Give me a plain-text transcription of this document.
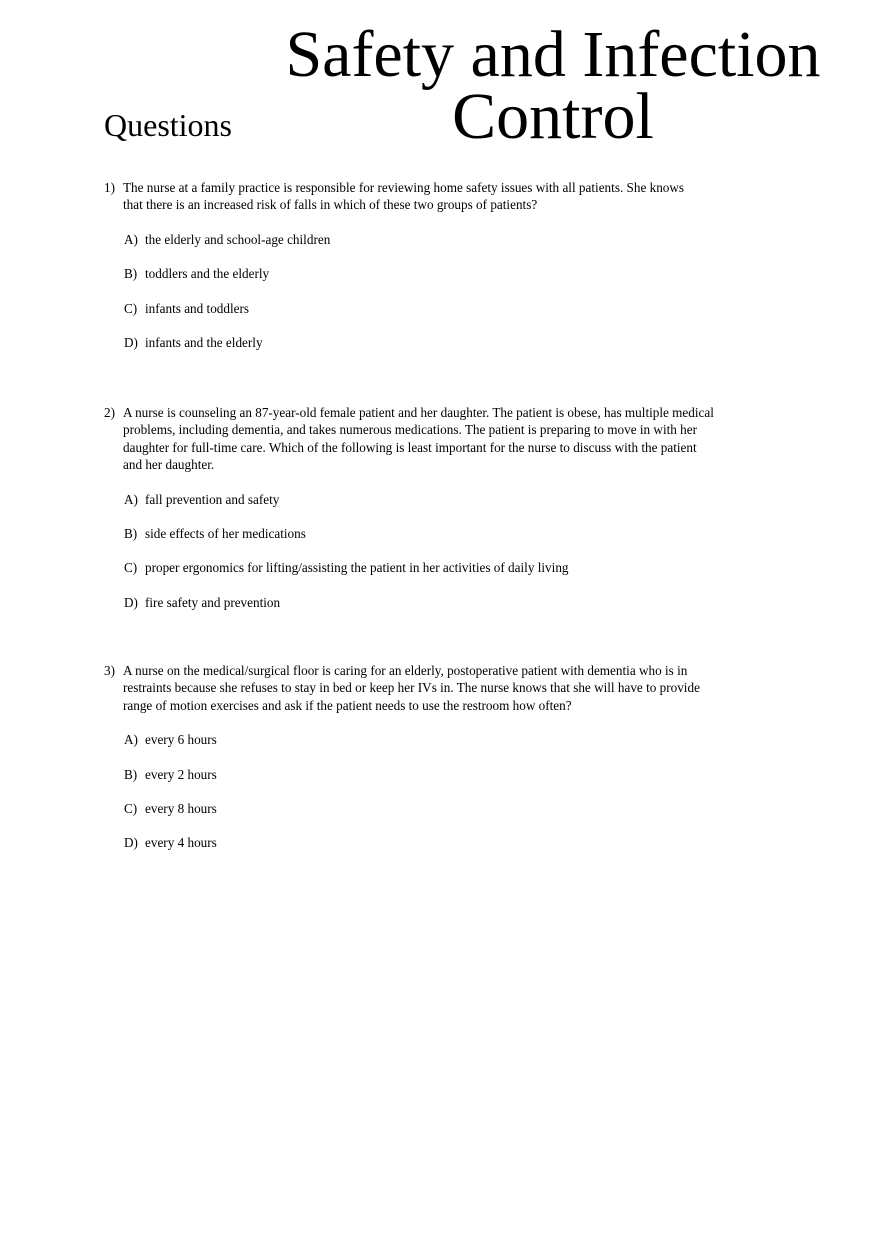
Safety and Infection Control
Questions
1) The nurse at a family practice is responsible for reviewing home safety issues with all patients. She knows that there is an increased risk of falls in which of these two groups of patients?
A) the elderly and school-age children
B) toddlers and the elderly
C) infants and toddlers
D) infants and the elderly
2) A nurse is counseling an 87-year-old female patient and her daughter. The patient is obese, has multiple medical problems, including dementia, and takes numerous medications. The patient is preparing to move in with her daughter for full-time care. Which of the following is least important for the nurse to discuss with the patient and her daughter.
A) fall prevention and safety
B) side effects of her medications
C) proper ergonomics for lifting/assisting the patient in her activities of daily living
D) fire safety and prevention
3) A nurse on the medical/surgical floor is caring for an elderly, postoperative patient with dementia who is in restraints because she refuses to stay in bed or keep her IVs in. The nurse knows that she will have to provide range of motion exercises and ask if the patient needs to use the restroom how often?
A) every 6 hours
B) every 2 hours
C) every 8 hours
D) every 4 hours
